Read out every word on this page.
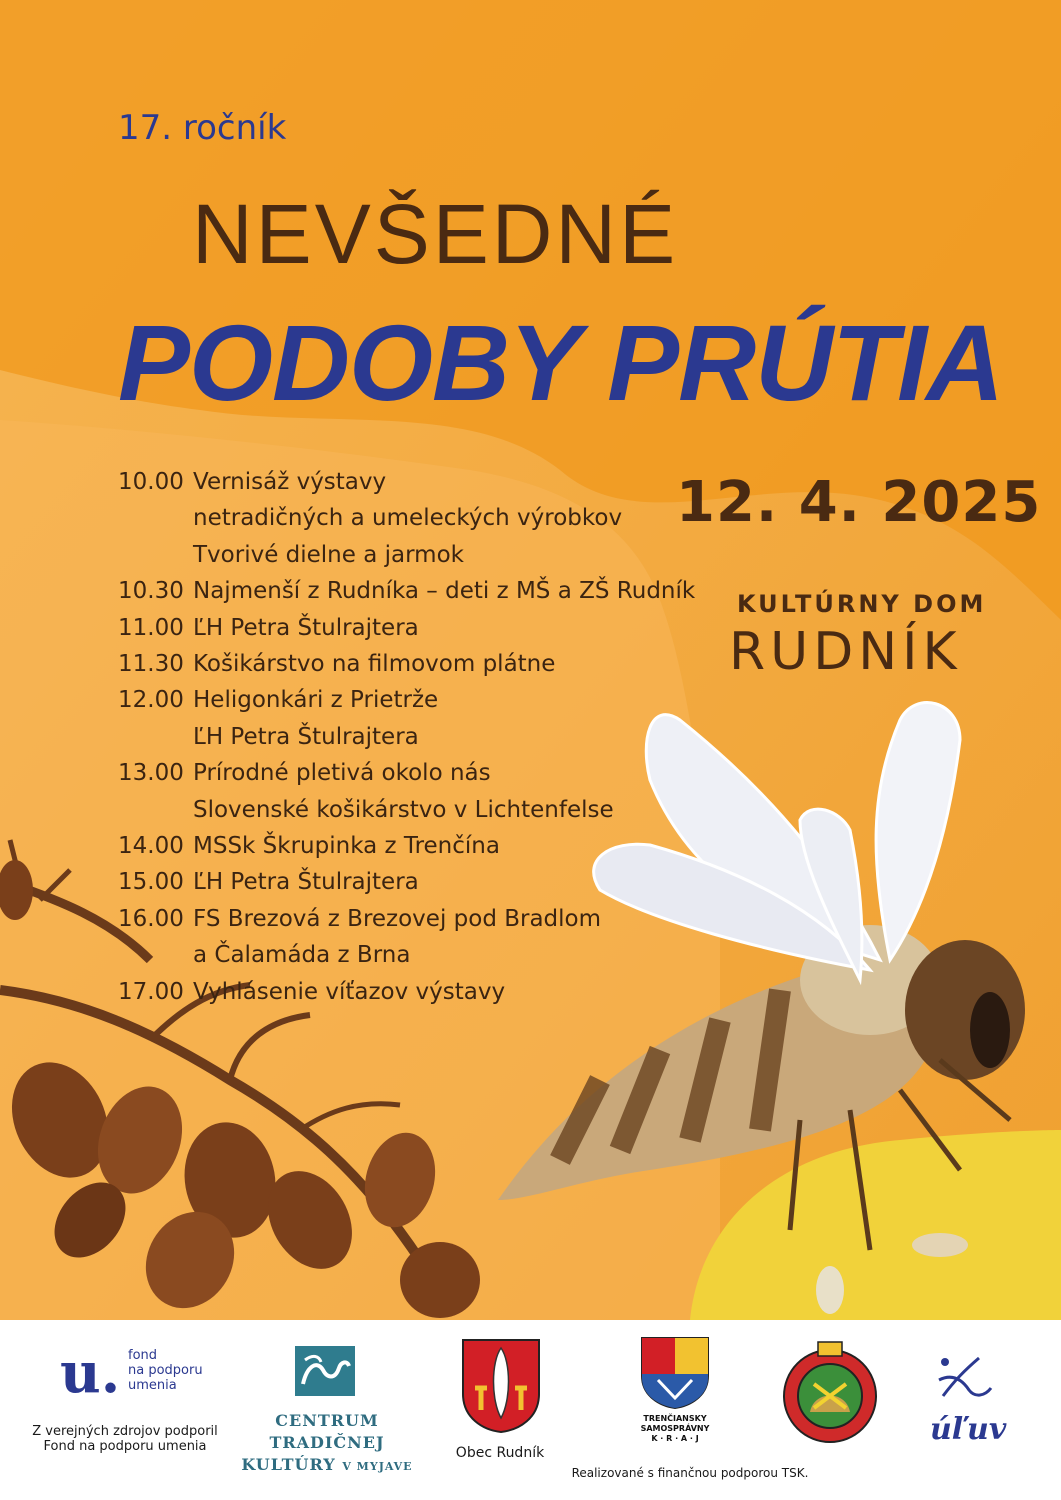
17. ročník
NEVŠEDNÉ
PODOBY PRÚTIA
12. 4. 2025
KULTÚRNY DOM
RUDNÍK
10.00 Vernisáž výstavy
netradičných a umeleckých výrobkov
Tvorivé dielne a jarmok
10.30 Najmenší z Rudníka – deti z MŠ a ZŠ Rudník
11.00 ĽH Petra Štulrajtera
11.30 Košikárstvo na filmovom plátne
12.00 Heligonkári z Prietrže
ĽH Petra Štulrajtera
13.00 Prírodné pletivá okolo nás
Slovenské košikárstvo v Lichtenfelse
14.00 MSSk Škrupinka z Trenčína
15.00 ĽH Petra Štulrajtera
16.00 FS Brezová z Brezovej pod Bradlom
a Čalamáda z Brna
17.00 Vyhlásenie víťazov výstavy
u. fond
na podporu
umenia
Z verejných zdrojov podporil
Fond na podporu umenia
CENTRUM TRADIČNEJ
KULTÚRY V MYJAVE
Obec Rudník
TRENČIANSKY
SAMOSPRÁVNY
K · R · A · J
Realizované s finančnou podporou TSK.
úľuv
